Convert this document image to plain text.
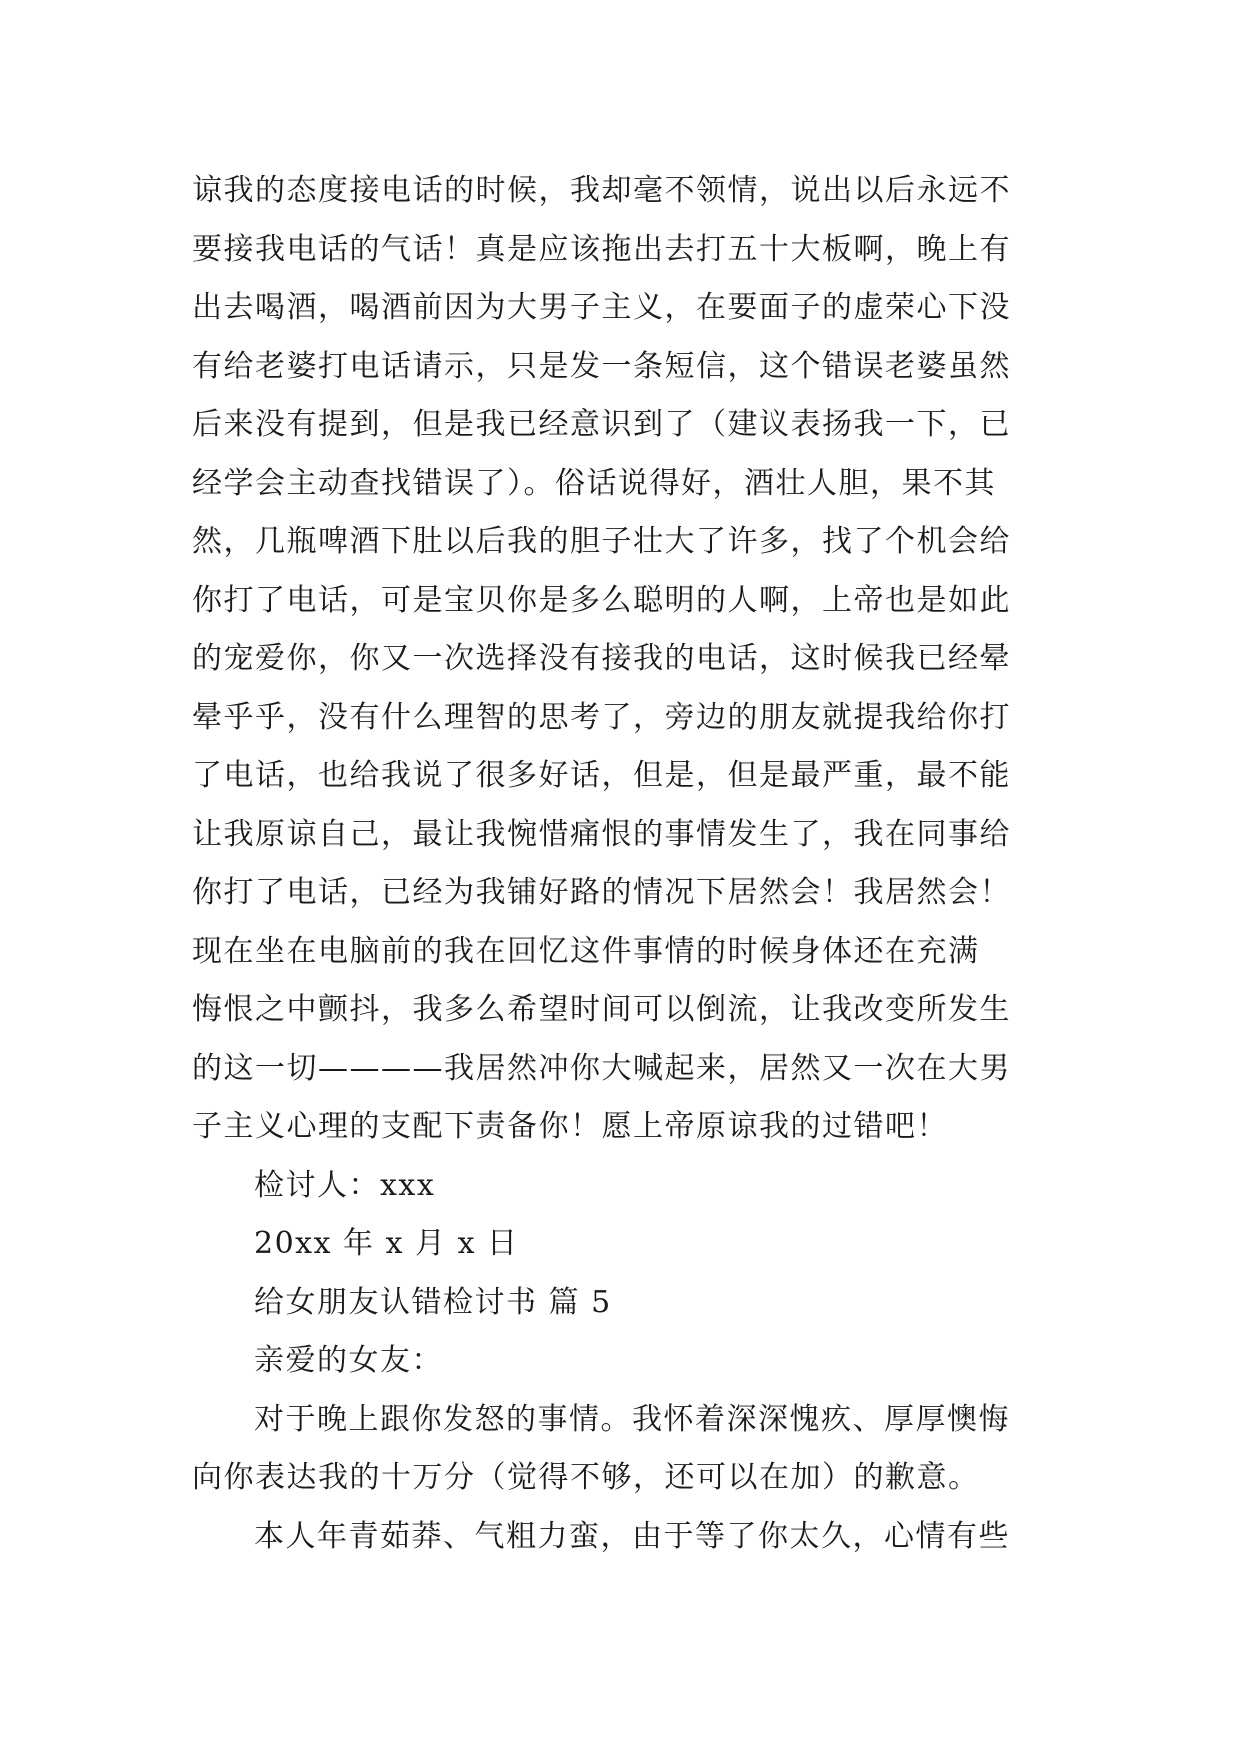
谅我的态度接电话的时候，我却毫不领情，说出以后永远不
要接我电话的气话！真是应该拖出去打五十大板啊，晚上有
出去喝酒，喝酒前因为大男子主义，在要面子的虚荣心下没
有给老婆打电话请示，只是发一条短信，这个错误老婆虽然
后来没有提到，但是我已经意识到了（建议表扬我一下，已
经学会主动查找错误了）。俗话说得好，酒壮人胆，果不其
然，几瓶啤酒下肚以后我的胆子壮大了许多，找了个机会给
你打了电话，可是宝贝你是多么聪明的人啊，上帝也是如此
的宠爱你，你又一次选择没有接我的电话，这时候我已经晕
晕乎乎，没有什么理智的思考了，旁边的朋友就提我给你打
了电话，也给我说了很多好话，但是，但是最严重，最不能
让我原谅自己，最让我惋惜痛恨的事情发生了，我在同事给
你打了电话，已经为我铺好路的情况下居然会！我居然会！
现在坐在电脑前的我在回忆这件事情的时候身体还在充满
悔恨之中颤抖，我多么希望时间可以倒流，让我改变所发生
的这一切————我居然冲你大喊起来，居然又一次在大男
子主义心理的支配下责备你！愿上帝原谅我的过错吧！
检讨人：xxx
20xx 年 x 月 x 日
给女朋友认错检讨书 篇 5
亲爱的女友：
对于晚上跟你发怒的事情。我怀着深深愧疚、厚厚懊悔
向你表达我的十万分（觉得不够，还可以在加）的歉意。
本人年青茹莽、气粗力蛮，由于等了你太久，心情有些
